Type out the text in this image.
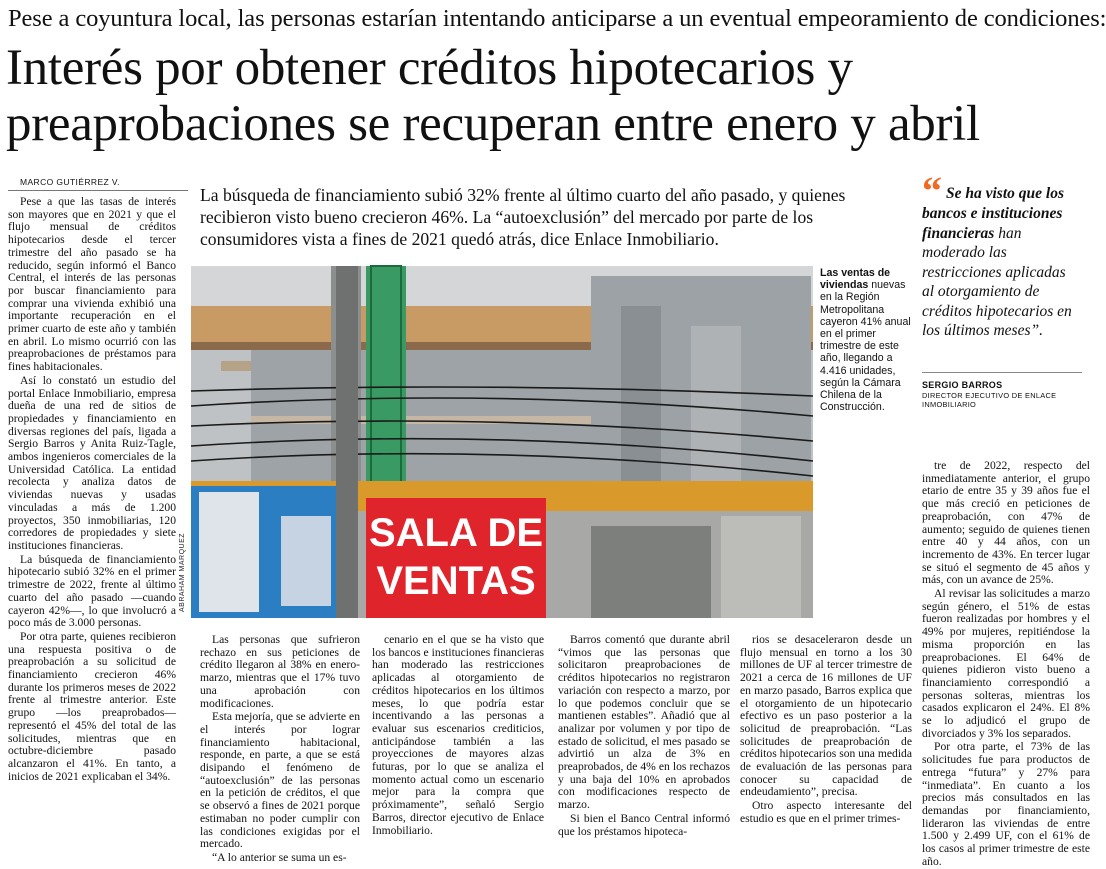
Pese a coyuntura local, las personas estarían intentando anticiparse a un eventual empeoramiento de condiciones:
Interés por obtener créditos hipotecarios y preaprobaciones se recuperan entre enero y abril
MARCO GUTIÉRREZ V.
La búsqueda de financiamiento subió 32% frente al último cuarto del año pasado, y quienes recibieron visto bueno crecieron 46%. La “autoexclusión” del mercado por parte de los consumidores vista a fines de 2021 quedó atrás, dice Enlace Inmobiliario.

Pese a que las tasas de interés son mayores que en 2021 y que el flujo mensual de créditos hipotecarios desde el tercer trimestre del año pasado se ha reducido, según informó el Banco Central, el interés de las personas por buscar financiamiento para comprar una vivienda exhibió una importante recuperación en el primer cuarto de este año y también en abril. Lo mismo ocurrió con las preaprobaciones de préstamos para fines habitacionales.

Así lo constató un estudio del portal Enlace Inmobiliario, empresa dueña de una red de sitios de propiedades y financiamiento en diversas regiones del país, ligada a Sergio Barros y Anita Ruiz-Tagle, ambos ingenieros comerciales de la Universidad Católica. La entidad recolecta y analiza datos de viviendas nuevas y usadas vinculadas a más de 1.200 proyectos, 350 inmobiliarias, 120 corredores de propiedades y siete instituciones financieras.

La búsqueda de financiamiento hipotecario subió 32% en el primer trimestre de 2022, frente al último cuarto del año pasado —cuando cayeron 42%—, lo que involucró a poco más de 3.000 personas.

Por otra parte, quienes recibieron una respuesta positiva o de preaprobación a su solicitud de financiamiento crecieron 46% durante los primeros meses de 2022 frente al trimestre anterior. Este grupo —los preaprobados— representó el 45% del total de las solicitudes, mientras que en octubre-diciembre pasado alcanzaron el 41%. En tanto, a inicios de 2021 explicaban el 34%.

Las personas que sufrieron rechazo en sus peticiones de crédito llegaron al 38% en enero-marzo, mientras que el 17% tuvo una aprobación con modificaciones.

Esta mejoría, que se advierte en el interés por lograr financiamiento habitacional, responde, en parte, a que se está disipando el fenómeno de “autoexclusión” de las personas en la petición de créditos, el que se observó a fines de 2021 porque estimaban no poder cumplir con las condiciones exigidas por el mercado.

“A lo anterior se suma un es-

cenario en el que se ha visto que los bancos e instituciones financieras han moderado las restricciones aplicadas al otorgamiento de créditos hipotecarios en los últimos meses, lo que podría estar incentivando a las personas a evaluar sus escenarios crediticios, anticipándose también a las proyecciones de mayores alzas futuras, por lo que se analiza el momento actual como un escenario mejor para la compra que próximamente”, señaló Sergio Barros, director ejecutivo de Enlace Inmobiliario.

Barros comentó que durante abril “vimos que las personas que solicitaron preaprobaciones de créditos hipotecarios no registraron variación con respecto a marzo, por lo que podemos concluir que se mantienen estables”. Añadió que al analizar por volumen y por tipo de estado de solicitud, el mes pasado se advirtió un alza de 3% en preaprobados, de 4% en los rechazos y una baja del 10% en aprobados con modificaciones respecto de marzo.

Si bien el Banco Central informó que los préstamos hipoteca-

rios se desaceleraron desde un flujo mensual en torno a los 30 millones de UF al tercer trimestre de 2021 a cerca de 16 millones de UF en marzo pasado, Barros explica que el otorgamiento de un hipotecario efectivo es un paso posterior a la solicitud de preaprobación. “Las solicitudes de preaprobación de créditos hipotecarios son una medida de evaluación de las personas para conocer su capacidad de endeudamiento”, precisa.

Otro aspecto interesante del estudio es que en el primer trimes-

tre de 2022, respecto del inmediatamente anterior, el grupo etario de entre 35 y 39 años fue el que más creció en peticiones de preaprobación, con 47% de aumento; seguido de quienes tienen entre 40 y 44 años, con un incremento de 43%. En tercer lugar se situó el segmento de 45 años y más, con un avance de 25%.

Al revisar las solicitudes a marzo según género, el 51% de estas fueron realizadas por hombres y el 49% por mujeres, repitiéndose la misma proporción en las preaprobaciones. El 64% de quienes pidieron visto bueno a financiamiento correspondió a personas solteras, mientras los casados explicaron el 24%. El 8% se lo adjudicó el grupo de divorciados y 3% los separados.

Por otra parte, el 73% de las solicitudes fue para productos de entrega “futura” y 27% para “inmediata”. En cuanto a los precios más consultados en las demandas por financiamiento, lideraron las viviendas de entre 1.500 y 2.499 UF, con el 61% de los casos al primer trimestre de este año.

SALA DE
VENTAS
ABRAHAM MARQUEZ
Las ventas de viviendas nuevas en la Región Metropolitana cayeron 41% anual en el primer trimestre de este año, llegando a 4.416 unidades, según la Cámara Chilena de la Construcción.
“ Se ha visto que los bancos e instituciones financieras han moderado las restricciones aplicadas al otorgamiento de créditos hipotecarios en los últimos meses”.
SERGIO BARROS
DIRECTOR EJECUTIVO DE ENLACE INMOBILIARIO
